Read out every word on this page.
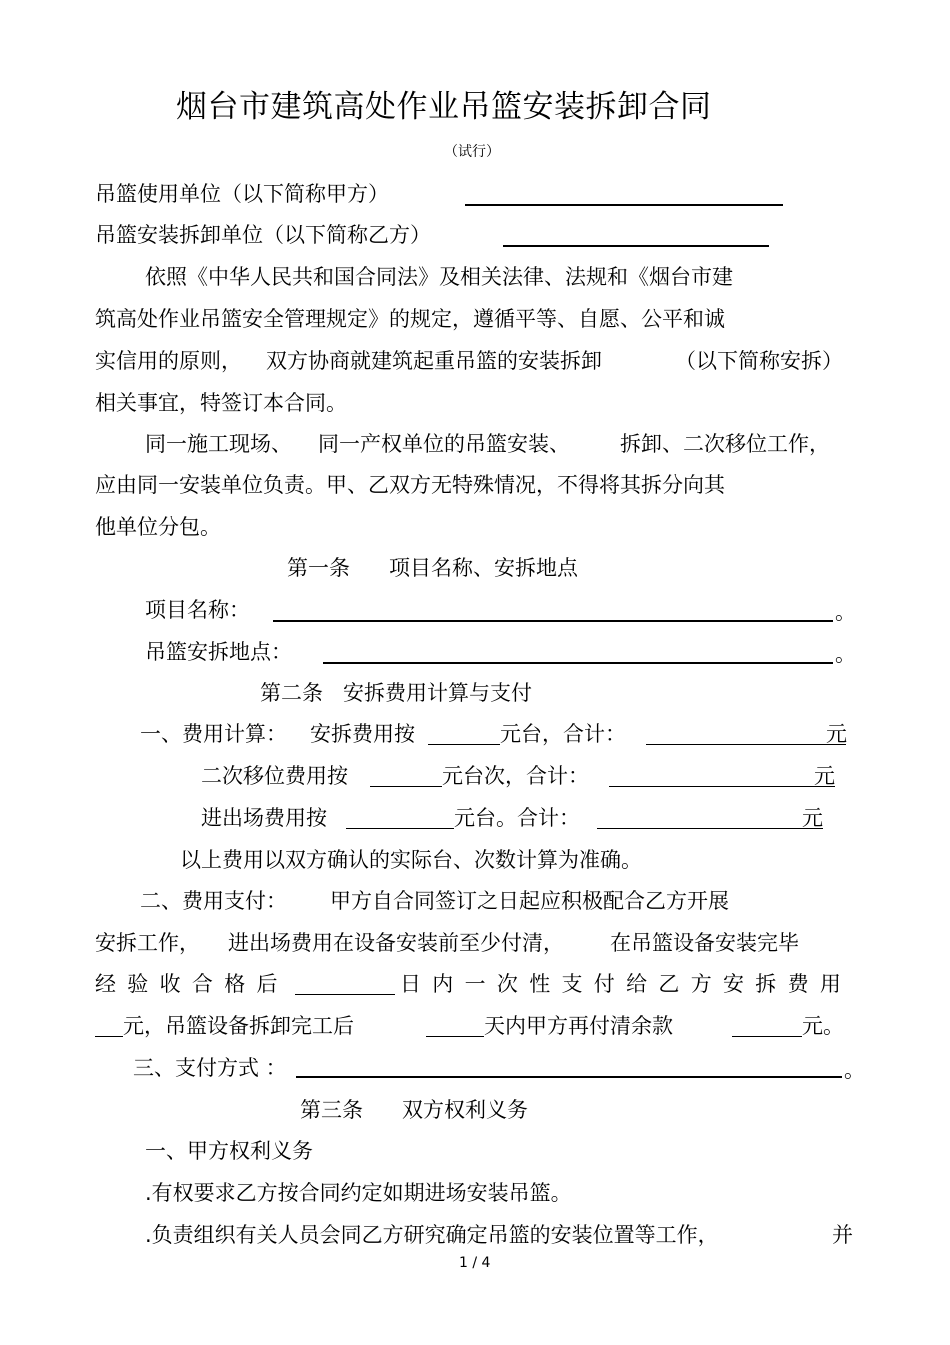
烟台市建筑高处作业吊篮安装拆卸合同
（试行）
吊篮使用单位（以下简称甲方）
吊篮安装拆卸单位（以下简称乙方）
依照《中华人民共和国合同法》及相关法律、法规和《烟台市建
筑高处作业吊篮安全管理规定》的规定，遵循平等、自愿、公平和诚
实信用的原则， 双方协商就建筑起重吊篮的安装拆卸	（以下简称安拆）
相关事宜，特签订本合同。
同一施工现场、 同一产权单位的吊篮安装、 拆卸、二次移位工作，
应由同一安装单位负责。甲、乙双方无特殊情况，不得将其拆分向其
他单位分包。
第一条 项目名称、安拆地点
项目名称：	。
吊篮安拆地点：	。
第二条   安拆费用计算与支付
一、费用计算： 安拆费用按	元台，合计：	元
二次移位费用按	元台次，合计：	元
进出场费用按	元台。合计：	元
以上费用以双方确认的实际台、次数计算为准确。
二、费用支付： 甲方自合同签订之日起应积极配合乙方开展
安拆工作， 进出场费用在设备安装前至少付清， 在吊篮设备安装完毕
经验收合格后	日内一次性支付给乙方安拆费用
元，吊篮设备拆卸完工后	天内甲方再付清余款	元。
三、支付方式 ：	。
第三条 双方权利义务
一、甲方权利义务
.有权要求乙方按合同约定如期进场安装吊篮。
.负责组织有关人员会同乙方研究确定吊篮的安装位置等工作，	并
1 / 4
